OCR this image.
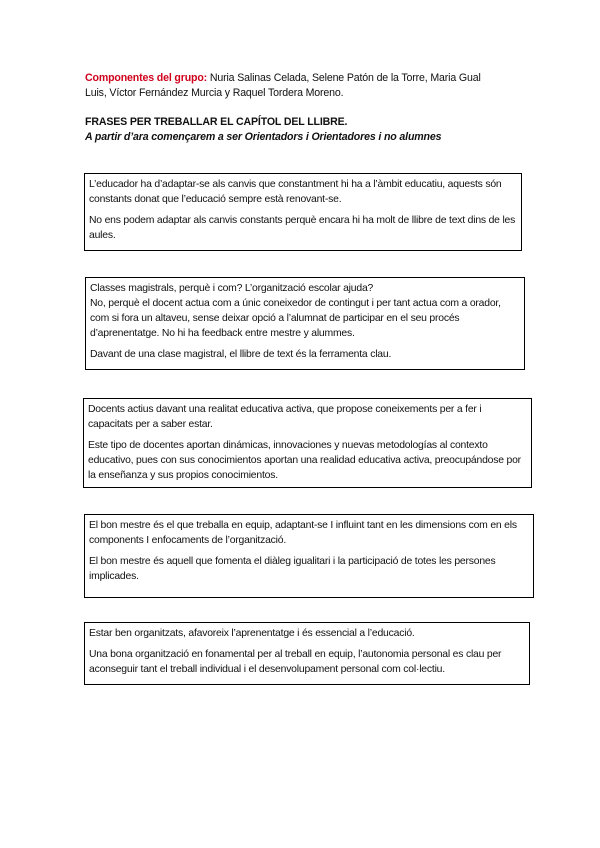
Componentes del grupo: Nuria Salinas Celada, Selene Patón de la Torre, Maria Gual Luis, Víctor Fernández Murcia y Raquel Tordera Moreno.
FRASES PER TREBALLAR EL CAPÍTOL DEL LLIBRE.
A partir d’ara començarem a ser Orientadors i Orientadores i no alumnes

L’educador ha d’adaptar-se als canvis que constantment hi ha a l’àmbit educatiu, aquests són constants donat que l’educació sempre està renovant-se.

No ens podem adaptar als canvis constants perquè encara hi ha molt de llibre de text dins de les aules.

Classes magistrals, perquè i com? L’organització escolar ajuda?

No, perquè el docent actua com a únic coneixedor de contingut i per tant actua com a orador, com si fora un altaveu, sense deixar opció a l’alumnat de participar en el seu procés d’aprenentatge. No hi ha feedback entre mestre y alummes.

Davant de una clase magistral, el llibre de text és la ferramenta clau.

Docents actius davant una realitat educativa activa, que propose coneixements per a fer i capacitats per a saber estar.

Este tipo de docentes aportan dinámicas, innovaciones y nuevas metodologías al contexto educativo, pues con sus conocimientos aportan una realidad educativa activa, preocupándose por la enseñanza y sus propios conocimientos.

El bon mestre és el que treballa en equip, adaptant-se I influint tant en les dimensions com en els components I enfocaments de l’organització.

El bon mestre és aquell que fomenta el diàleg igualitari i la participació de totes les persones implicades.

Estar ben organitzats, afavoreix l’aprenentatge i és essencial a l’educació.

Una bona organització en fonamental per al treball en equip, l’autonomia personal es clau per aconseguir tant el treball individual i el desenvolupament personal com col·lectiu.
